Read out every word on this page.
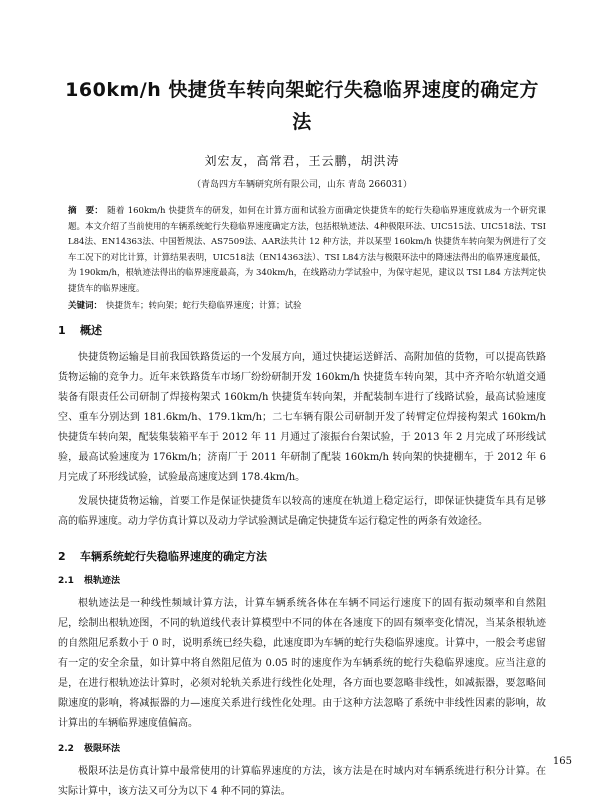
160km/h 快捷货车转向架蛇行失稳临界速度的确定方法
刘宏友，高常君，王云鹏，胡洪涛
（青岛四方车辆研究所有限公司，山东 青岛 266031）
摘　要： 随着 160km/h 快捷货车的研发，如何在计算方面和试验方面确定快捷货车的蛇行失稳临界速度就成为一个研究课题。本文介绍了当前使用的车辆系统蛇行失稳临界速度确定方法，包括根轨迹法、4种极限环法、UIC515法、UIC518法、TSI L84法、EN14363法、中国暂规法、AS7509法、AAR法共计 12 种方法，并以某型 160km/h 快捷货车转向架为例进行了交车工况下的对比计算，计算结果表明，UIC518法（EN14363法）、TSI L84方法与极限环法中的降速法得出的临界速度最低，为 190km/h，根轨迹法得出的临界速度最高，为 340km/h，在线路动力学试验中，为保守起见，建议以 TSI L84 方法判定快捷货车的临界速度。
关键词： 快捷货车；转向架；蛇行失稳临界速度；计算；试验
1 概述

快捷货物运输是目前我国铁路货运的一个发展方向，通过快捷运送鲜活、高附加值的货物，可以提高铁路货物运输的竞争力。近年来铁路货车市场厂纷纷研制开发 160km/h 快捷货车转向架，其中齐齐哈尔轨道交通装备有限责任公司研制了焊接构架式 160km/h 快捷货车转向架，并配装制车进行了线路试验，最高试验速度空、重车分别达到 181.6km/h、179.1km/h；二七车辆有限公司研制开发了转臂定位焊接构架式 160km/h 快捷货车转向架，配装集装箱平车于 2012 年 11 月通过了滚振台台架试验，于 2013 年 2 月完成了环形线试验，最高试验速度为 176km/h；济南厂于 2011 年研制了配装 160km/h 转向架的快捷棚车，于 2012 年 6 月完成了环形线试验，试验最高速度达到 178.4km/h。

发展快捷货物运输，首要工作是保证快捷货车以较高的速度在轨道上稳定运行，即保证快捷货车具有足够高的临界速度。动力学仿真计算以及动力学试验测试是确定快捷货车运行稳定性的两条有效途径。

2 车辆系统蛇行失稳临界速度的确定方法
2.1 根轨迹法

根轨迹法是一种线性频域计算方法，计算车辆系统各体在车辆不同运行速度下的固有振动频率和自然阻尼，绘制出根轨迹图，不同的轨道线代表计算模型中不同的体在各速度下的固有频率变化情况，当某条根轨迹的自然阻尼系数小于 0 时，说明系统已经失稳，此速度即为车辆的蛇行失稳临界速度。计算中，一般会考虑留有一定的安全余量，如计算中将自然阻尼值为 0.05 时的速度作为车辆系统的蛇行失稳临界速度。应当注意的是，在进行根轨迹法计算时，必须对轮轨关系进行线性化处理，各方面也要忽略非线性，如减振器，要忽略间隙速度的影响，将减振器的力—速度关系进行线性化处理。由于这种方法忽略了系统中非线性因素的影响，故计算出的车辆临界速度值偏高。

2.2 极限环法

极限环法是仿真计算中最常使用的计算临界速度的方法，该方法是在时域内对车辆系统进行积分计算。在实际计算中，该方法又可分为以下 4 种不同的算法。

165
